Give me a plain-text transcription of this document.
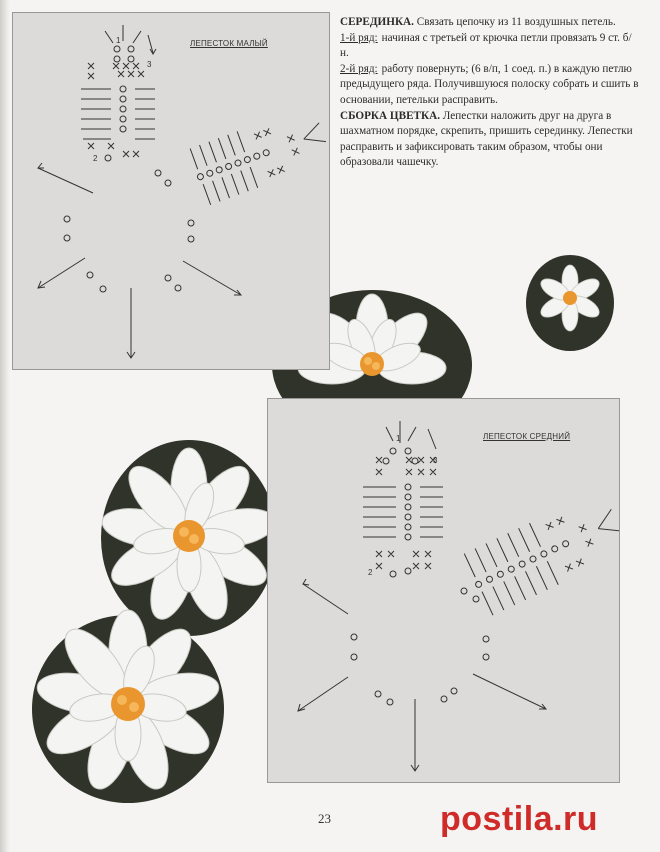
ЛЕПЕСТОК МАЛЫЙ
1
2
3
ЛЕПЕСТОК СРЕДНИЙ
1
2
3

СЕРЕДИНКА. Связать цепочку из 11 воздушных петель.

1-й ряд: начиная с третьей от крючка петли провязать 9 ст. б/н.

2-й ряд: работу повернуть; (6 в/п, 1 соед. п.) в каждую петлю предыдущего ряда. Получившуюся полоску собрать и сшить в основании, петельки расправить.

СБОРКА ЦВЕТКА. Лепестки наложить друг на друга в шахматном порядке, скрепить, пришить серединку. Лепестки расправить и зафиксировать таким образом, чтобы они образовали чашечку.

23	postila.ru
